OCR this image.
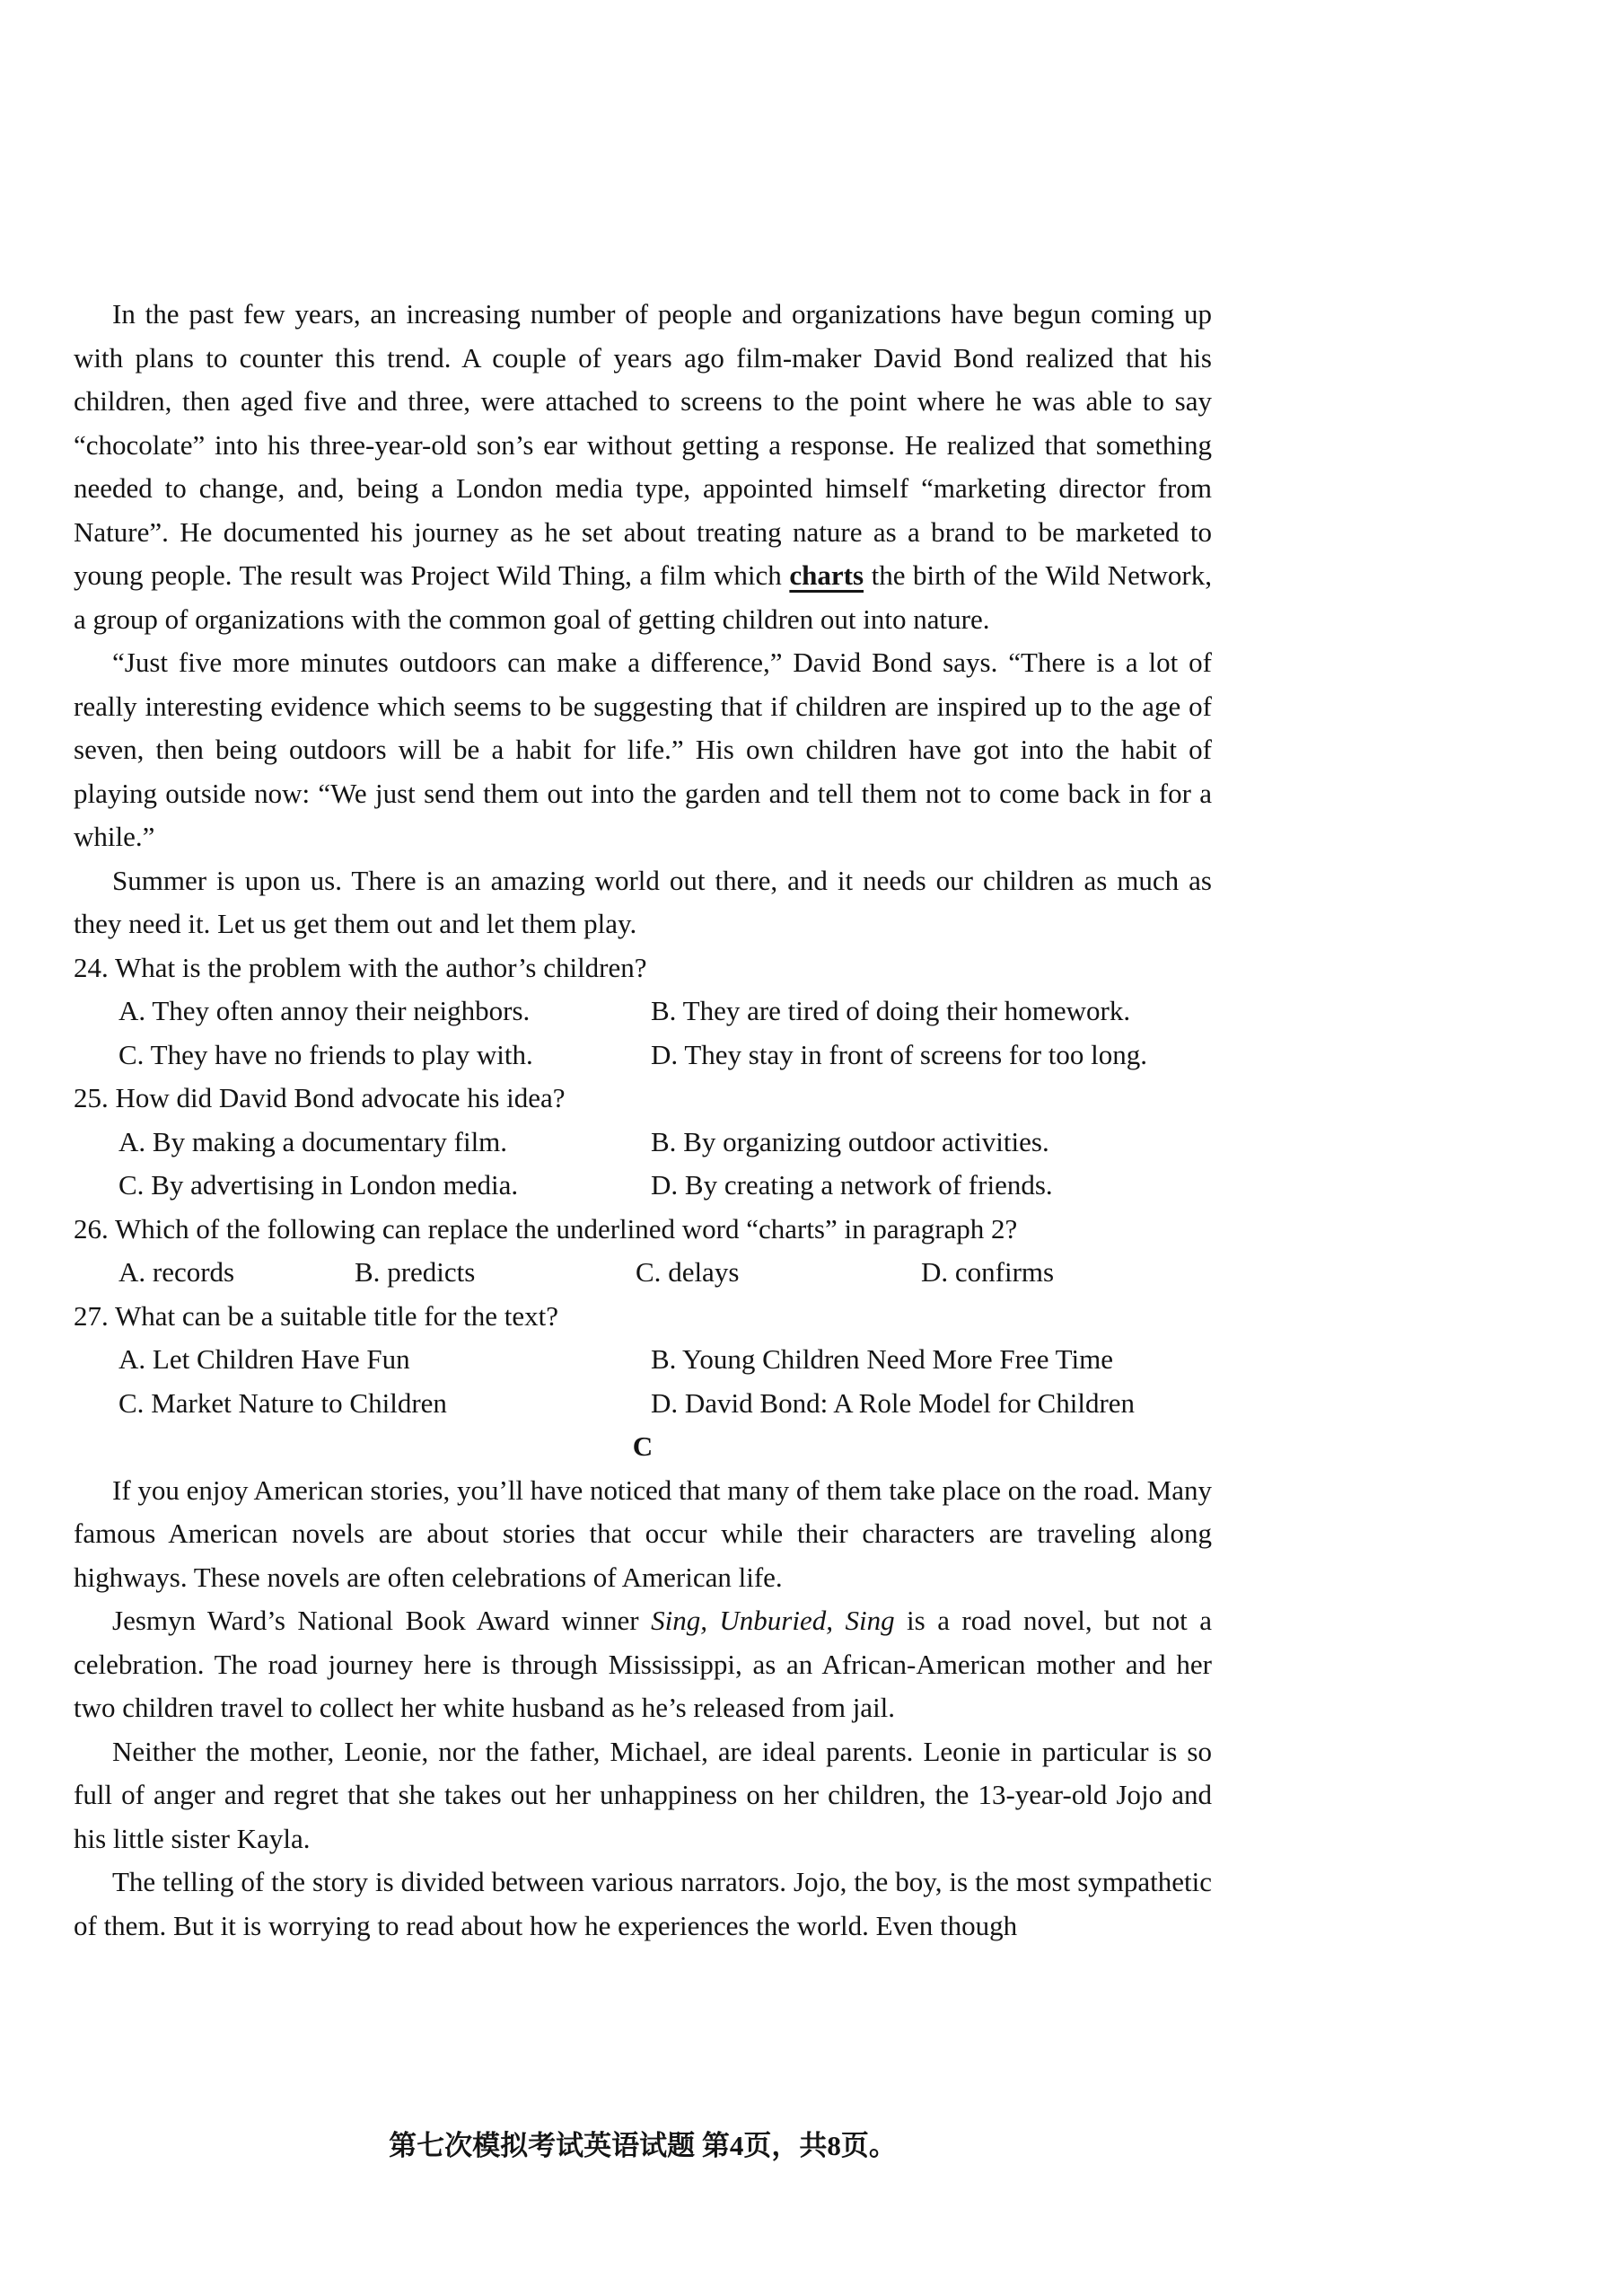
In the past few years, an increasing number of people and organizations have begun coming up with plans to counter this trend. A couple of years ago film-maker David Bond realized that his children, then aged five and three, were attached to screens to the point where he was able to say “chocolate” into his three-year-old son’s ear without getting a response. He realized that something needed to change, and, being a London media type, appointed himself “marketing director from Nature”. He documented his journey as he set about treating nature as a brand to be marketed to young people. The result was Project Wild Thing, a film which charts the birth of the Wild Network, a group of organizations with the common goal of getting children out into nature.

“Just five more minutes outdoors can make a difference,” David Bond says. “There is a lot of really interesting evidence which seems to be suggesting that if children are inspired up to the age of seven, then being outdoors will be a habit for life.” His own children have got into the habit of playing outside now: “We just send them out into the garden and tell them not to come back in for a while.”

Summer is upon us. There is an amazing world out there, and it needs our children as much as they need it. Let us get them out and let them play.

24. What is the problem with the author’s children?

A. They often annoy their neighbors.	B. They are tired of doing their homework.

C. They have no friends to play with.	D. They stay in front of screens for too long.

25. How did David Bond advocate his idea?

A. By making a documentary film.	B. By organizing outdoor activities.

C. By advertising in London media.	D. By creating a network of friends.

26. Which of the following can replace the underlined word “charts” in paragraph 2?

A. records	B. predicts	C. delays	D. confirms

27. What can be a suitable title for the text?

A. Let Children Have Fun	B. Young Children Need More Free Time

C. Market Nature to Children	D. David Bond: A Role Model for Children

C

If you enjoy American stories, you’ll have noticed that many of them take place on the road. Many famous American novels are about stories that occur while their characters are traveling along highways. These novels are often celebrations of American life.

Jesmyn Ward’s National Book Award winner Sing, Unburied, Sing is a road novel, but not a celebration. The road journey here is through Mississippi, as an African-American mother and her two children travel to collect her white husband as he’s released from jail.

Neither the mother, Leonie, nor the father, Michael, are ideal parents. Leonie in particular is so full of anger and regret that she takes out her unhappiness on her children, the 13-year-old Jojo and his little sister Kayla.

The telling of the story is divided between various narrators. Jojo, the boy, is the most sympathetic of them. But it is worrying to read about how he experiences the world. Even though

第七次模拟考试英语试题 第4页，共8页。
